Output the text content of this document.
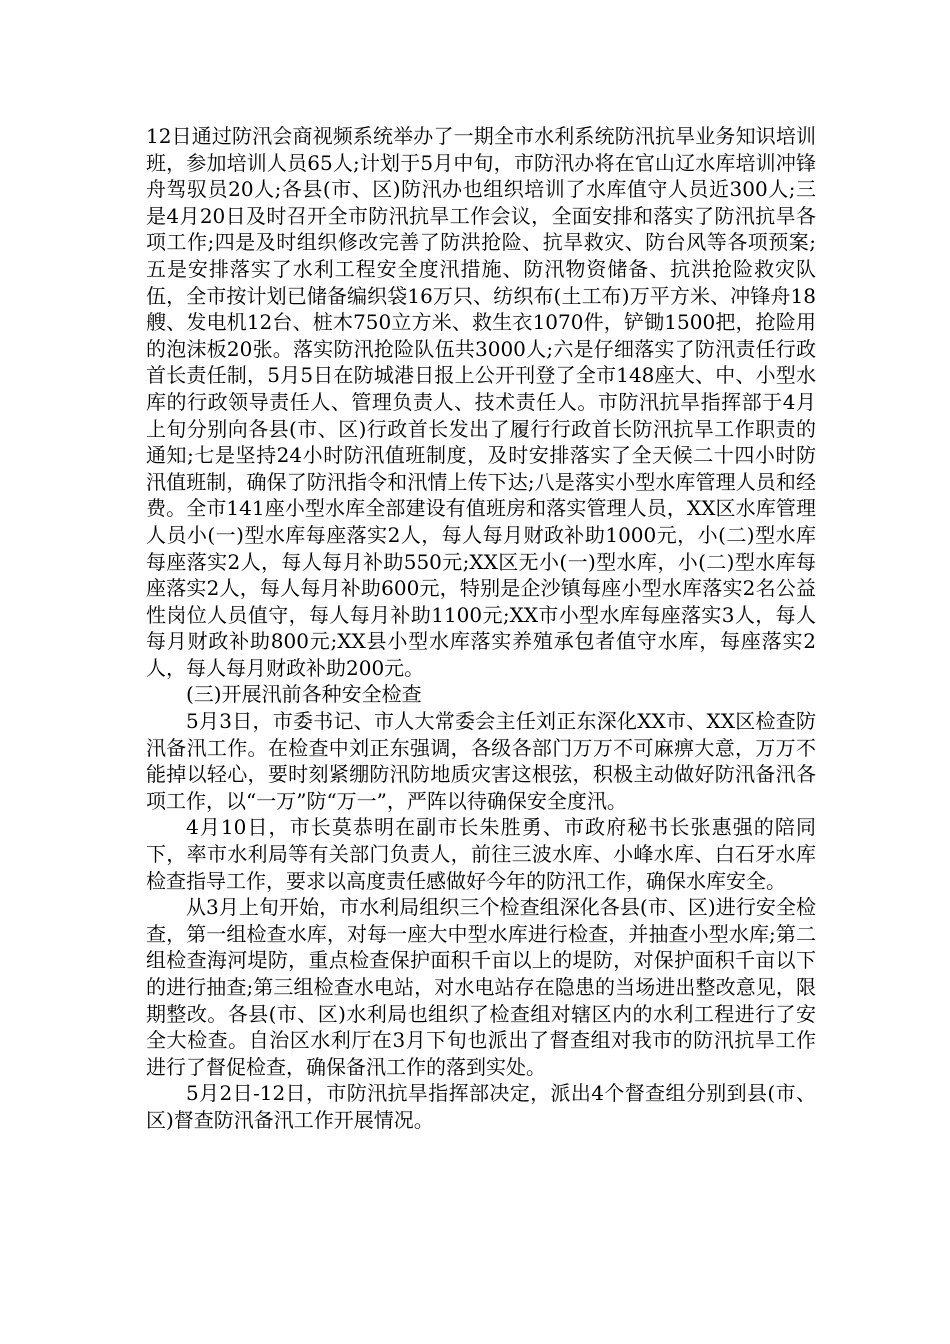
12日通过防汛会商视频系统举办了一期全市水利系统防汛抗旱业务知识培训班，参加培训人员65人;计划于5月中旬，市防汛办将在官山辽水库培训冲锋舟驾驭员20人;各县(市、区)防汛办也组织培训了水库值守人员近300人;三是4月20日及时召开全市防汛抗旱工作会议，全面安排和落实了防汛抗旱各项工作;四是及时组织修改完善了防洪抢险、抗旱救灾、防台风等各项预案;五是安排落实了水利工程安全度汛措施、防汛物资储备、抗洪抢险救灾队伍，全市按计划已储备编织袋16万只、纺织布(土工布)万平方米、冲锋舟18艘、发电机12台、桩木750立方米、救生衣1070件，铲锄1500把，抢险用的泡沫板20张。落实防汛抢险队伍共3000人;六是仔细落实了防汛责任行政首长责任制，5月5日在防城港日报上公开刊登了全市148座大、中、小型水库的行政领导责任人、管理负责人、技术责任人。市防汛抗旱指挥部于4月上旬分别向各县(市、区)行政首长发出了履行行政首长防汛抗旱工作职责的通知;七是坚持24小时防汛值班制度，及时安排落实了全天候二十四小时防汛值班制，确保了防汛指令和汛情上传下达;八是落实小型水库管理人员和经费。全市141座小型水库全部建设有值班房和落实管理人员，XX区水库管理人员小(一)型水库每座落实2人，每人每月财政补助1000元，小(二)型水库每座落实2人，每人每月补助550元;XX区无小(一)型水库，小(二)型水库每座落实2人，每人每月补助600元，特别是企沙镇每座小型水库落实2名公益性岗位人员值守，每人每月补助1100元;XX市小型水库每座落实3人，每人每月财政补助800元;XX县小型水库落实养殖承包者值守水库，每座落实2人，每人每月财政补助200元。

(三)开展汛前各种安全检查

5月3日，市委书记、市人大常委会主任刘正东深化XX市、XX区检查防汛备汛工作。在检查中刘正东强调，各级各部门万万不可麻痹大意，万万不能掉以轻心，要时刻紧绷防汛防地质灾害这根弦，积极主动做好防汛备汛各项工作，以“一万”防“万一”，严阵以待确保安全度汛。

4月10日，市长莫恭明在副市长朱胜勇、市政府秘书长张惠强的陪同下，率市水利局等有关部门负责人，前往三波水库、小峰水库、白石牙水库检查指导工作，要求以高度责任感做好今年的防汛工作，确保水库安全。

从3月上旬开始，市水利局组织三个检查组深化各县(市、区)进行安全检查，第一组检查水库，对每一座大中型水库进行检查，并抽查小型水库;第二组检查海河堤防，重点检查保护面积千亩以上的堤防，对保护面积千亩以下的进行抽查;第三组检查水电站，对水电站存在隐患的当场进出整改意见，限期整改。各县(市、区)水利局也组织了检查组对辖区内的水利工程进行了安全大检查。自治区水利厅在3月下旬也派出了督查组对我市的防汛抗旱工作进行了督促检查，确保备汛工作的落到实处。

5月2日-12日，市防汛抗旱指挥部决定，派出4个督查组分别到县(市、区)督查防汛备汛工作开展情况。
